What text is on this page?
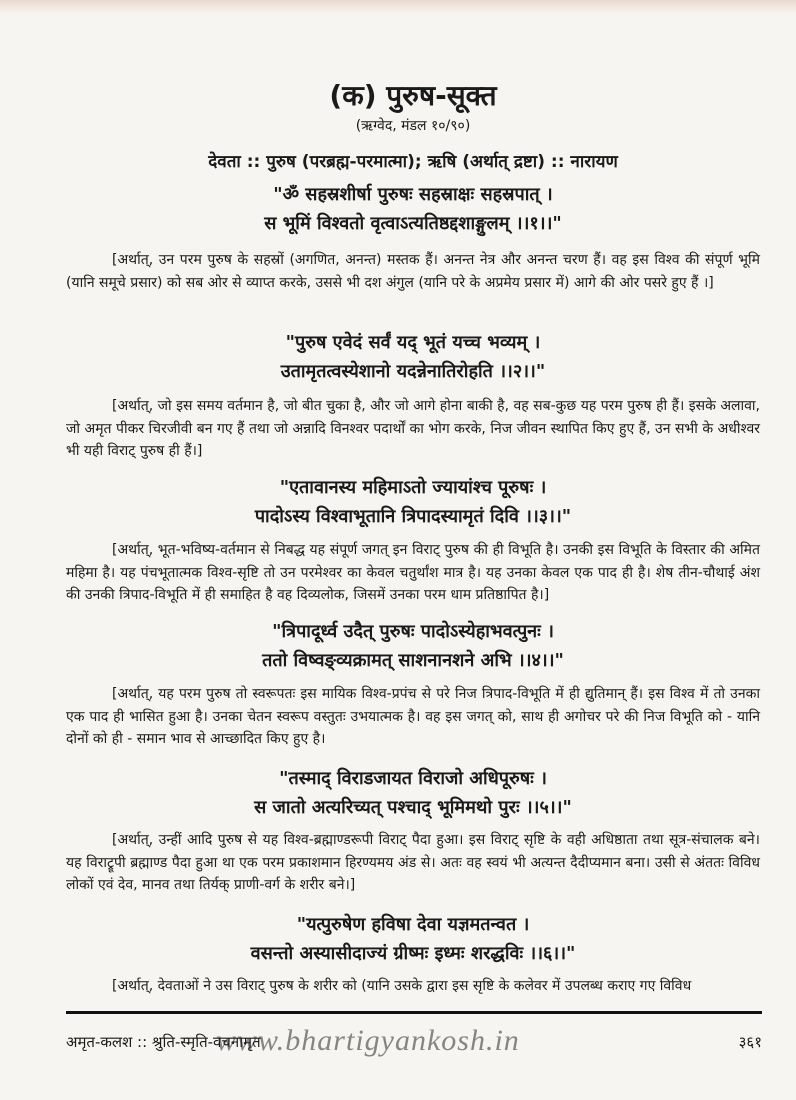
(क) पुरुष-सूक्त
(ऋग्वेद, मंडल १०/९०)
देवता :: पुरुष (परब्रह्म-परमात्मा); ऋषि (अर्थात् द्रष्टा) :: नारायण
"ॐ सहस्रशीर्षा पुरुषः सहस्राक्षः सहस्रपात् ।
स भूमिं विश्वतो वृत्वाऽत्यतिष्ठद्दशाङ्गुलम् ।।१।।"
[अर्थात्, उन परम पुरुष के सहस्रों (अगणित, अनन्त) मस्तक हैं। अनन्त नेत्र और अनन्त चरण हैं। वह इस विश्व की संपूर्ण भूमि (यानि समूचे प्रसार) को सब ओर से व्याप्त करके, उससे भी दश अंगुल (यानि परे के अप्रमेय प्रसार में) आगे की ओर पसरे हुए हैं ।]
"पुरुष एवेदं सर्वं यद् भूतं यच्च भव्यम् ।
उतामृतत्वस्येशानो यदन्नेनातिरोहति ।।२।।"
[अर्थात्, जो इस समय वर्तमान है, जो बीत चुका है, और जो आगे होना बाकी है, वह सब-कुछ यह परम पुरुष ही हैं। इसके अलावा, जो अमृत पीकर चिरजीवी बन गए हैं तथा जो अन्नादि विनश्वर पदार्थों का भोग करके, निज जीवन स्थापित किए हुए हैं, उन सभी के अधीश्वर भी यही विराट् पुरुष ही हैं।]
"एतावानस्य महिमाऽतो ज्यायांश्च पूरुषः ।
पादोऽस्य विश्वाभूतानि त्रिपादस्यामृतं दिवि ।।३।।"
[अर्थात्, भूत-भविष्य-वर्तमान से निबद्ध यह संपूर्ण जगत् इन विराट् पुरुष की ही विभूति है। उनकी इस विभूति के विस्तार की अमित महिमा है। यह पंचभूतात्मक विश्व-सृष्टि तो उन परमेश्वर का केवल चतुर्थांश मात्र है। यह उनका केवल एक पाद ही है। शेष तीन-चौथाई अंश की उनकी त्रिपाद-विभूति में ही समाहित है वह दिव्यलोक, जिसमें उनका परम धाम प्रतिष्ठापित है।]
"त्रिपादूर्ध्व उदैत् पुरुषः पादोऽस्येहाभवत्पुनः ।
ततो विष्वङ्व्यक्रामत् साशनानशने अभि ।।४।।"
[अर्थात्, यह परम पुरुष तो स्वरूपतः इस मायिक विश्व-प्रपंच से परे निज त्रिपाद-विभूति में ही द्युतिमान् हैं। इस विश्व में तो उनका एक पाद ही भासित हुआ है। उनका चेतन स्वरूप वस्तुतः उभयात्मक है। वह इस जगत् को, साथ ही अगोचर परे की निज विभूति को - यानि दोनों को ही - समान भाव से आच्छादित किए हुए है।
"तस्माद् विराडजायत विराजो अधिपूरुषः ।
स जातो अत्यरिच्यत् पश्चाद् भूमिमथो पुरः ।।५।।"
[अर्थात्, उन्हीं आदि पुरुष से यह विश्व-ब्रह्माण्डरूपी विराट् पैदा हुआ। इस विराट् सृष्टि के वही अधिष्ठाता तथा सूत्र-संचालक बने। यह विराट्रूपी ब्रह्माण्ड पैदा हुआ था एक परम प्रकाशमान हिरण्यमय अंड से। अतः वह स्वयं भी अत्यन्त दैदीप्यमान बना। उसी से अंततः विविध लोकों एवं देव, मानव तथा तिर्यक् प्राणी-वर्ग के शरीर बने।]
"यत्पुरुषेण हविषा देवा यज्ञमतन्वत ।
वसन्तो अस्यासीदाज्यं ग्रीष्मः इध्मः शरद्धविः ।।६।।"
[अर्थात्, देवताओं ने उस विराट् पुरुष के शरीर को (यानि उसके द्वारा इस सृष्टि के कलेवर में उपलब्ध कराए गए विविध
अमृत-कलश :: श्रुति-स्मृति-वचनामृत
www.bhartigyankosh.in	३६१
